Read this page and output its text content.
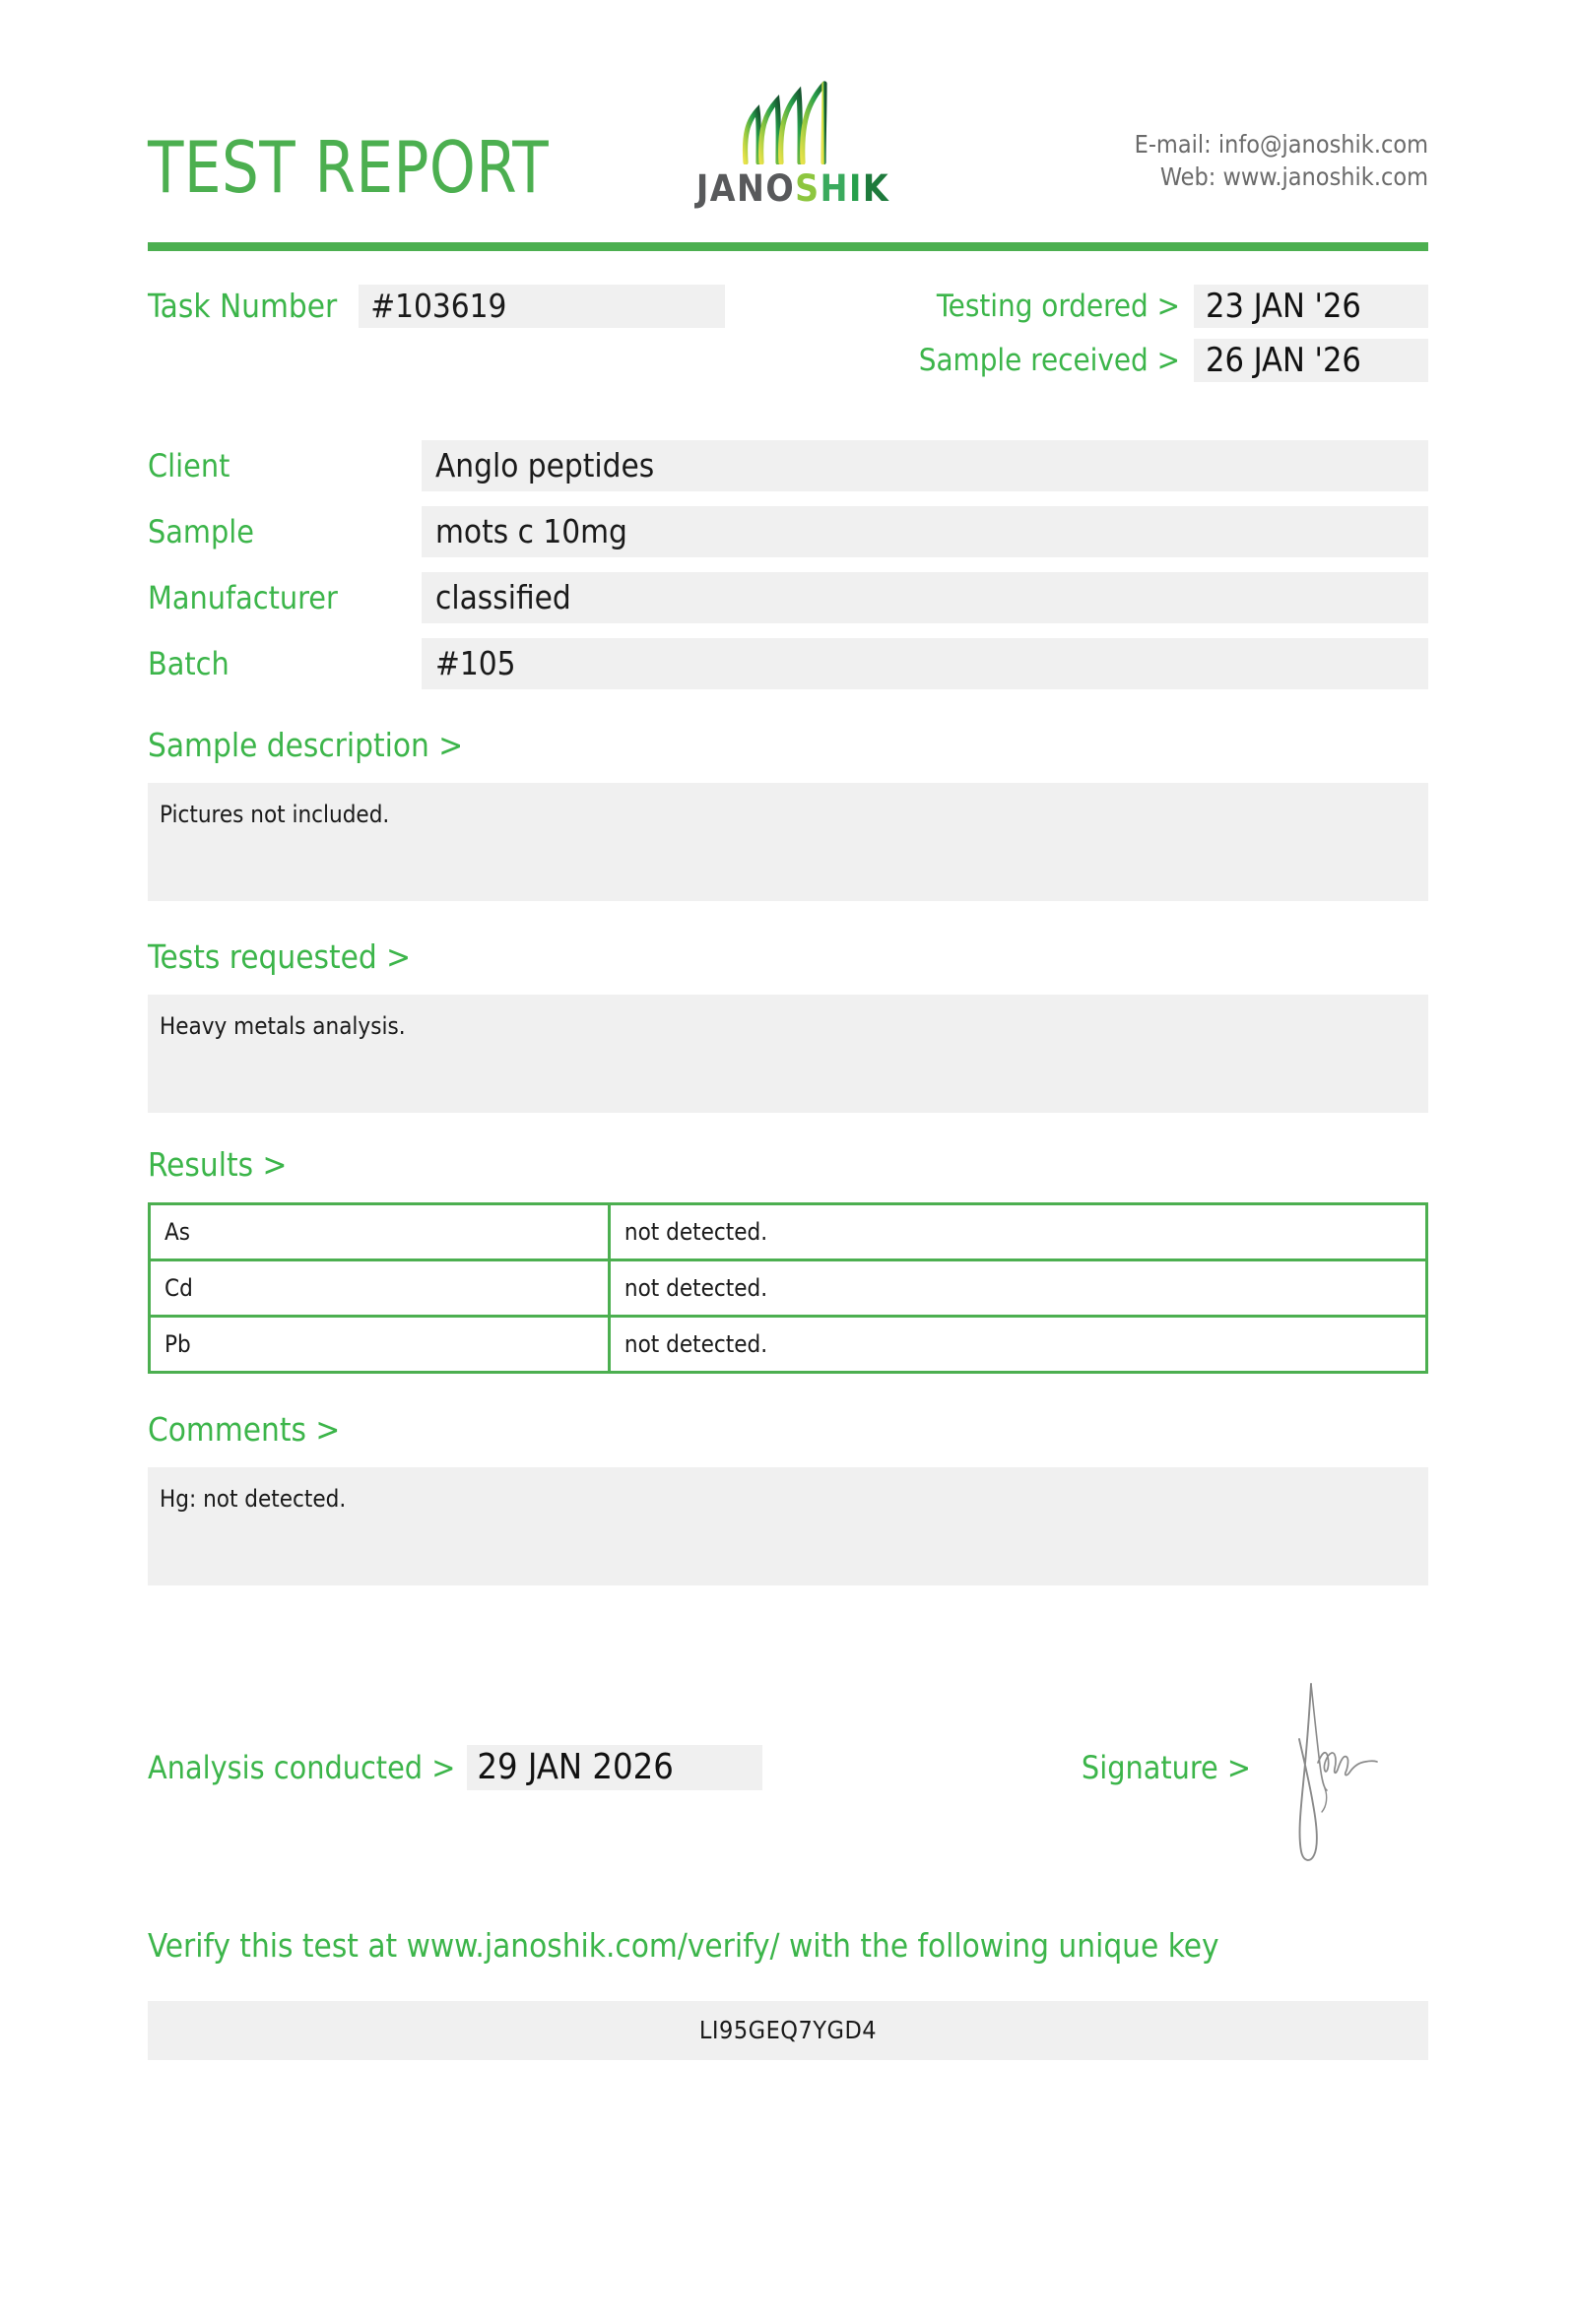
TEST REPORT	JANOSHIK
E-mail: info@janoshik.com
Web: www.janoshik.com
Task Number	#103619	Testing ordered > 23 JAN '26
Sample received > 26 JAN '26
Client	Anglo peptides
Sample	mots c 10mg
Manufacturer	classified
Batch	#105
Sample description >
Pictures not included.
Tests requested >
Heavy metals analysis.
Results >
As	not detected.
Cd	not detected.
Pb	not detected.
Comments >
Hg: not detected.
Analysis conducted > 29 JAN 2026	Signature >
Verify this test at www.janoshik.com/verify/ with the following unique key
LI95GEQ7YGD4
